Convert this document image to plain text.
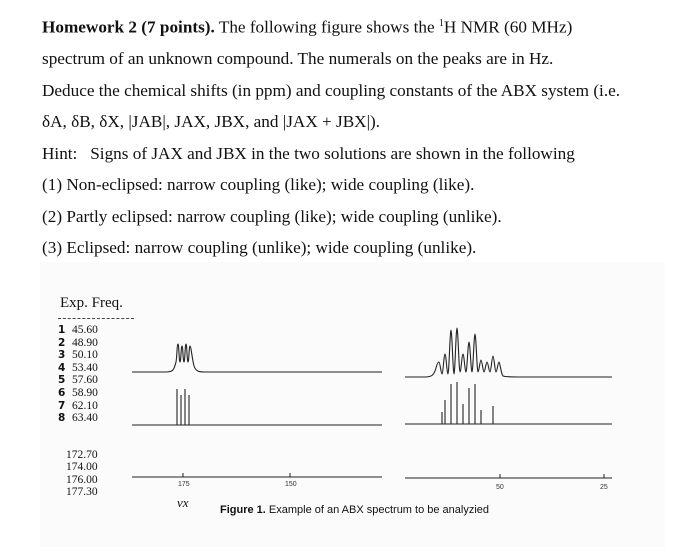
Homework 2 (7 points). The following figure shows the $^1$H NMR (60 MHz)

spectrum of an unknown compound. The numerals on the peaks are in Hz.

Deduce the chemical shifts (in ppm) and coupling constants of the ABX system (i.e.

δA, δB, δX, |JAB|, JAX, JBX, and |JAX + JBX|).

Hint: Signs of JAX and JBX in the two solutions are shown in the following

(1) Non-eclipsed: narrow coupling (like); wide coupling (like).

(2) Partly eclipsed: narrow coupling (like); wide coupling (unlike).

(3) Eclipsed: narrow coupling (unlike); wide coupling (unlike).

Exp. Freq.
1 45.60
2 48.90
3 50.10
4 53.40
5 57.60
6 58.90
7 62.10
8 63.40
172.70
174.00
176.00
177.30
175	150	50	25
νx	Figure 1. Example of an ABX spectrum to be analyzied
